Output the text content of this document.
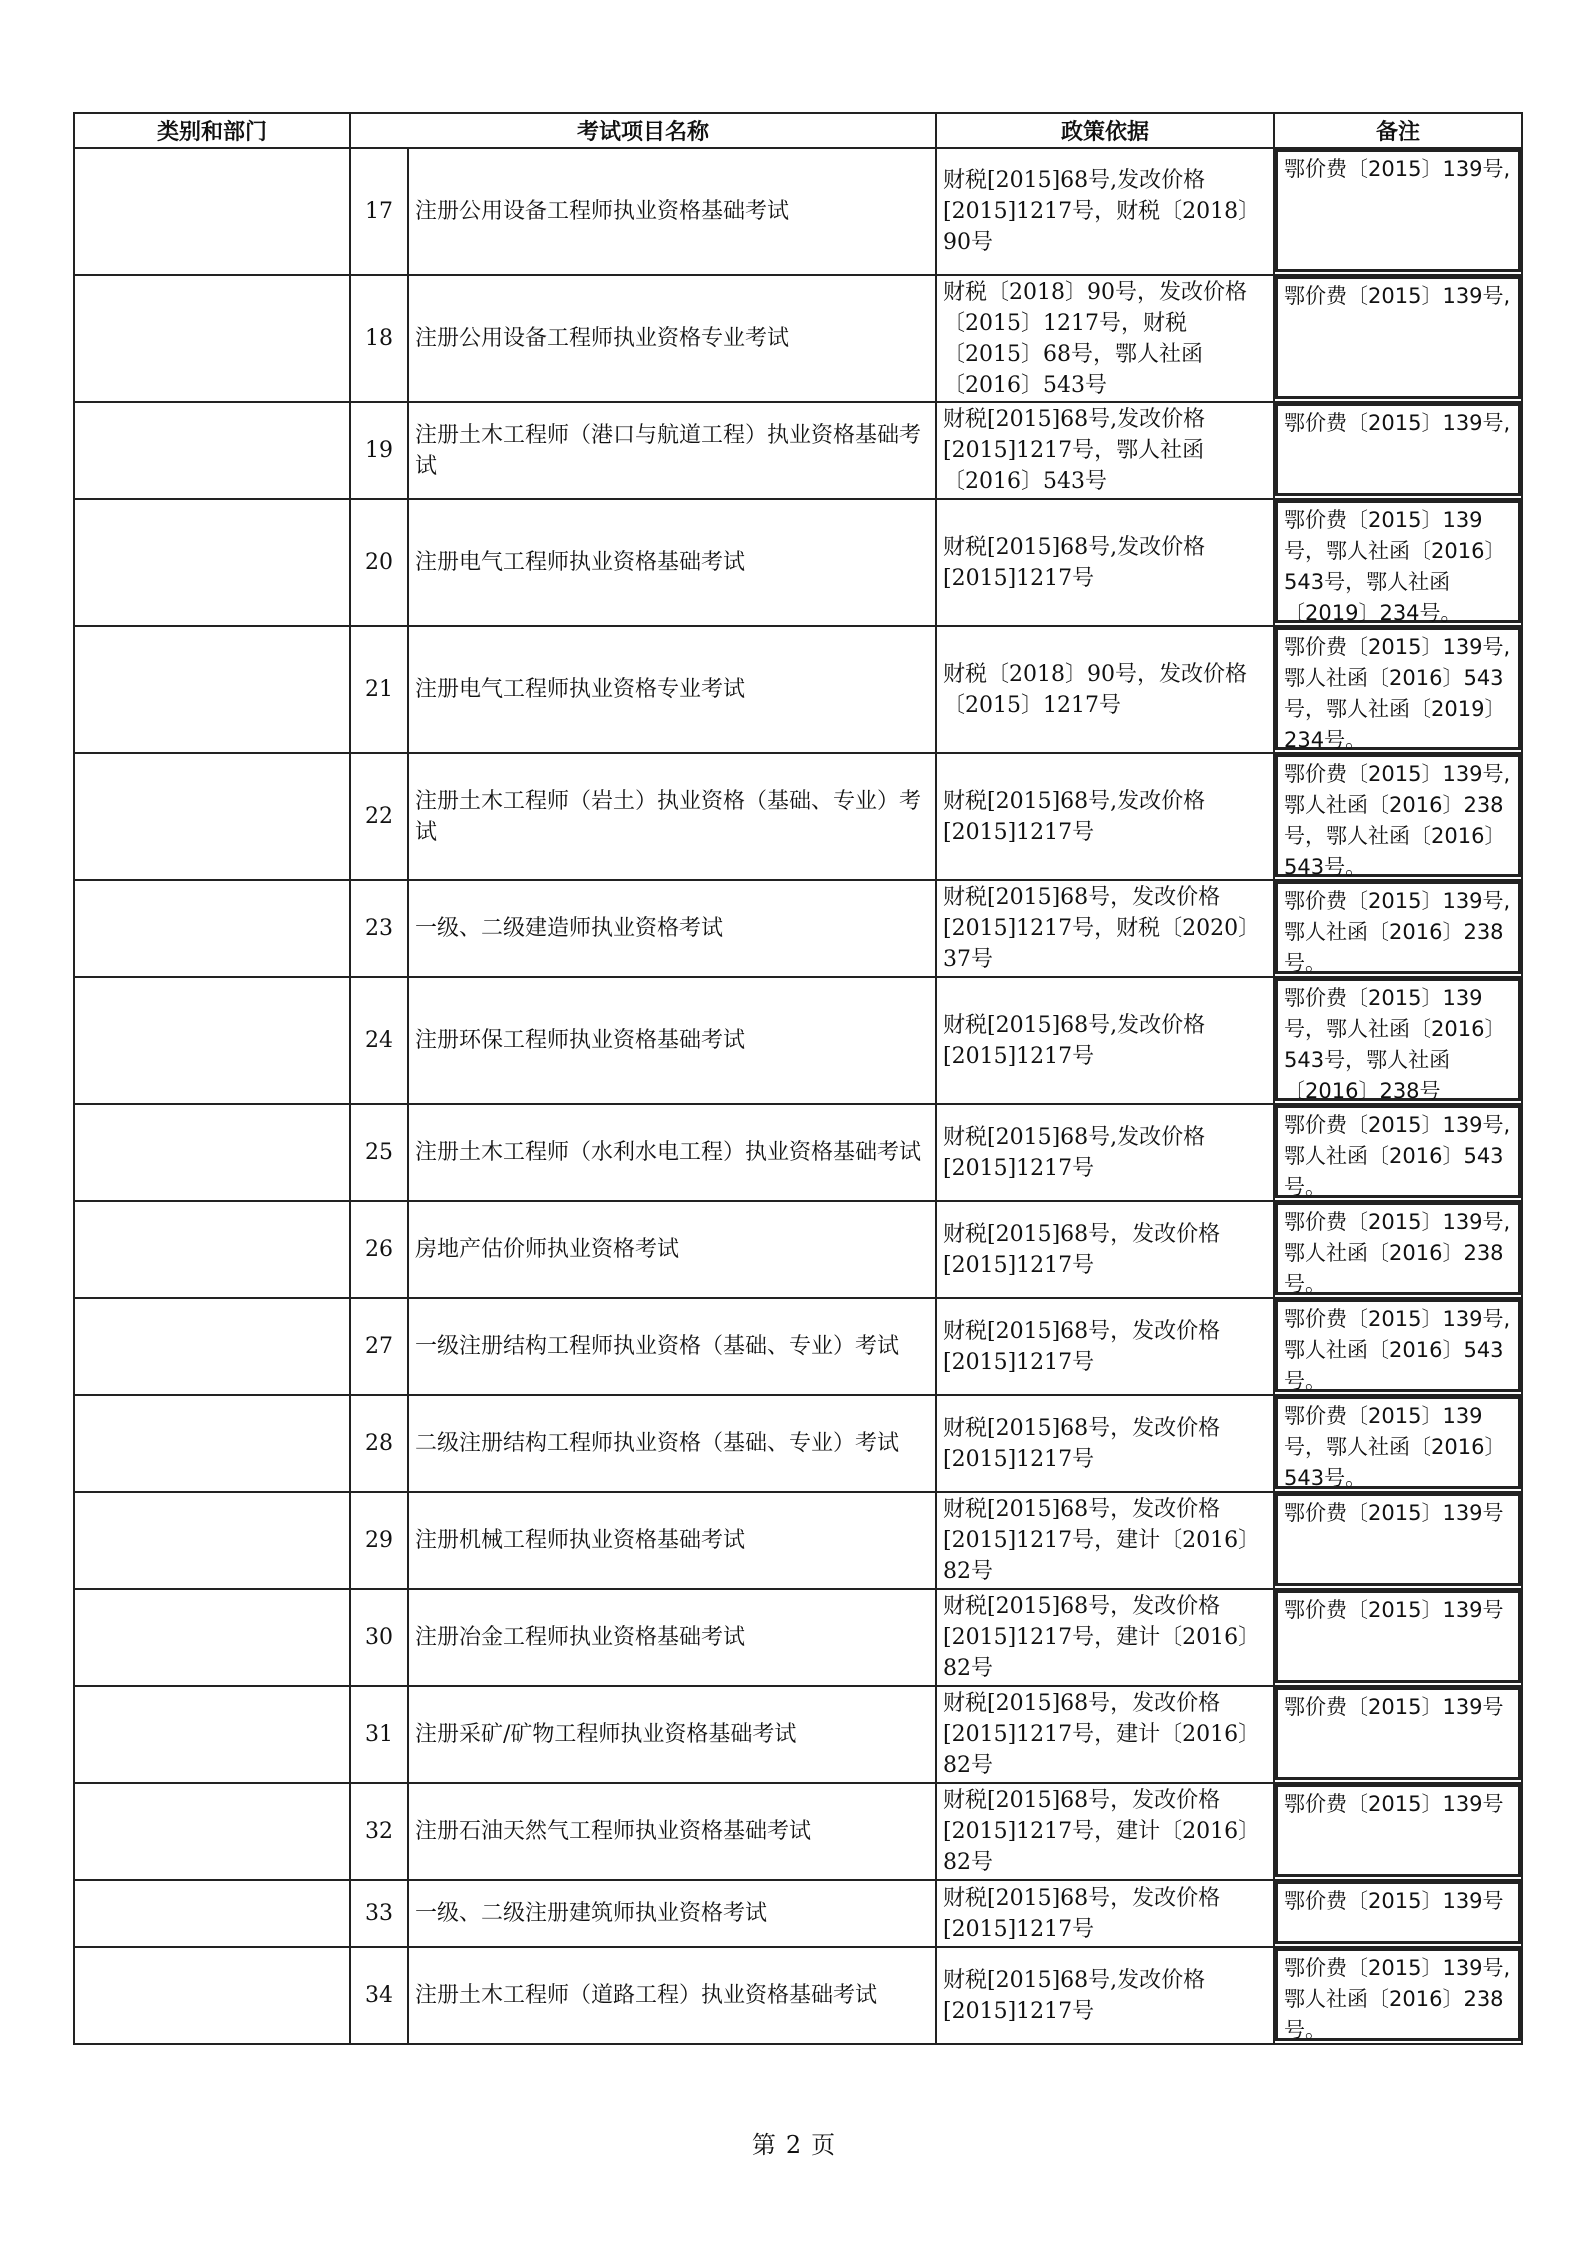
类别和部门	考试项目名称		政策依据	备注
	17	注册公用设备工程师执业资格基础考试	财税[2015]68号,发改价格[2015]1217号，财税〔2018〕90号	鄂价费〔2015〕139号,

	18	注册公用设备工程师执业资格专业考试	财税〔2018〕90号，发改价格〔2015〕1217号，财税〔2015〕68号，鄂人社函〔2016〕543号	鄂价费〔2015〕139号,

	19	注册土木工程师（港口与航道工程）执业资格基础考试	财税[2015]68号,发改价格[2015]1217号，鄂人社函〔2016〕543号	鄂价费〔2015〕139号,

	20	注册电气工程师执业资格基础考试	财税[2015]68号,发改价格[2015]1217号	鄂价费〔2015〕139号，鄂人社函〔2016〕543号，鄂人社函〔2019〕234号。

	21	注册电气工程师执业资格专业考试	财税〔2018〕90号，发改价格〔2015〕1217号	鄂价费〔2015〕139号,鄂人社函〔2016〕543号，鄂人社函〔2019〕234号。

	22	注册土木工程师（岩土）执业资格（基础、专业）考试	财税[2015]68号,发改价格[2015]1217号	鄂价费〔2015〕139号,鄂人社函〔2016〕238号，鄂人社函〔2016〕543号。

	23	一级、二级建造师执业资格考试	财税[2015]68号，发改价格[2015]1217号，财税〔2020〕37号	鄂价费〔2015〕139号,鄂人社函〔2016〕238号。

	24	注册环保工程师执业资格基础考试	财税[2015]68号,发改价格[2015]1217号	鄂价费〔2015〕139号，鄂人社函〔2016〕543号，鄂人社函〔2016〕238号

	25	注册土木工程师（水利水电工程）执业资格基础考试	财税[2015]68号,发改价格[2015]1217号	鄂价费〔2015〕139号,鄂人社函〔2016〕543号。

	26	房地产估价师执业资格考试	财税[2015]68号，发改价格[2015]1217号	鄂价费〔2015〕139号,鄂人社函〔2016〕238号。

	27	一级注册结构工程师执业资格（基础、专业）考试	财税[2015]68号，发改价格[2015]1217号	鄂价费〔2015〕139号,鄂人社函〔2016〕543号。

	28	二级注册结构工程师执业资格（基础、专业）考试	财税[2015]68号，发改价格[2015]1217号	鄂价费〔2015〕139号，鄂人社函〔2016〕543号。

	29	注册机械工程师执业资格基础考试	财税[2015]68号，发改价格[2015]1217号，建计〔2016〕82号	鄂价费〔2015〕139号

	30	注册冶金工程师执业资格基础考试	财税[2015]68号，发改价格[2015]1217号，建计〔2016〕82号	鄂价费〔2015〕139号

	31	注册采矿/矿物工程师执业资格基础考试	财税[2015]68号，发改价格[2015]1217号，建计〔2016〕82号	鄂价费〔2015〕139号

	32	注册石油天然气工程师执业资格基础考试	财税[2015]68号，发改价格[2015]1217号，建计〔2016〕82号	鄂价费〔2015〕139号

	33	一级、二级注册建筑师执业资格考试	财税[2015]68号，发改价格[2015]1217号	鄂价费〔2015〕139号

	34	注册土木工程师（道路工程）执业资格基础考试	财税[2015]68号,发改价格[2015]1217号	鄂价费〔2015〕139号,鄂人社函〔2016〕238号。
第 2 页
